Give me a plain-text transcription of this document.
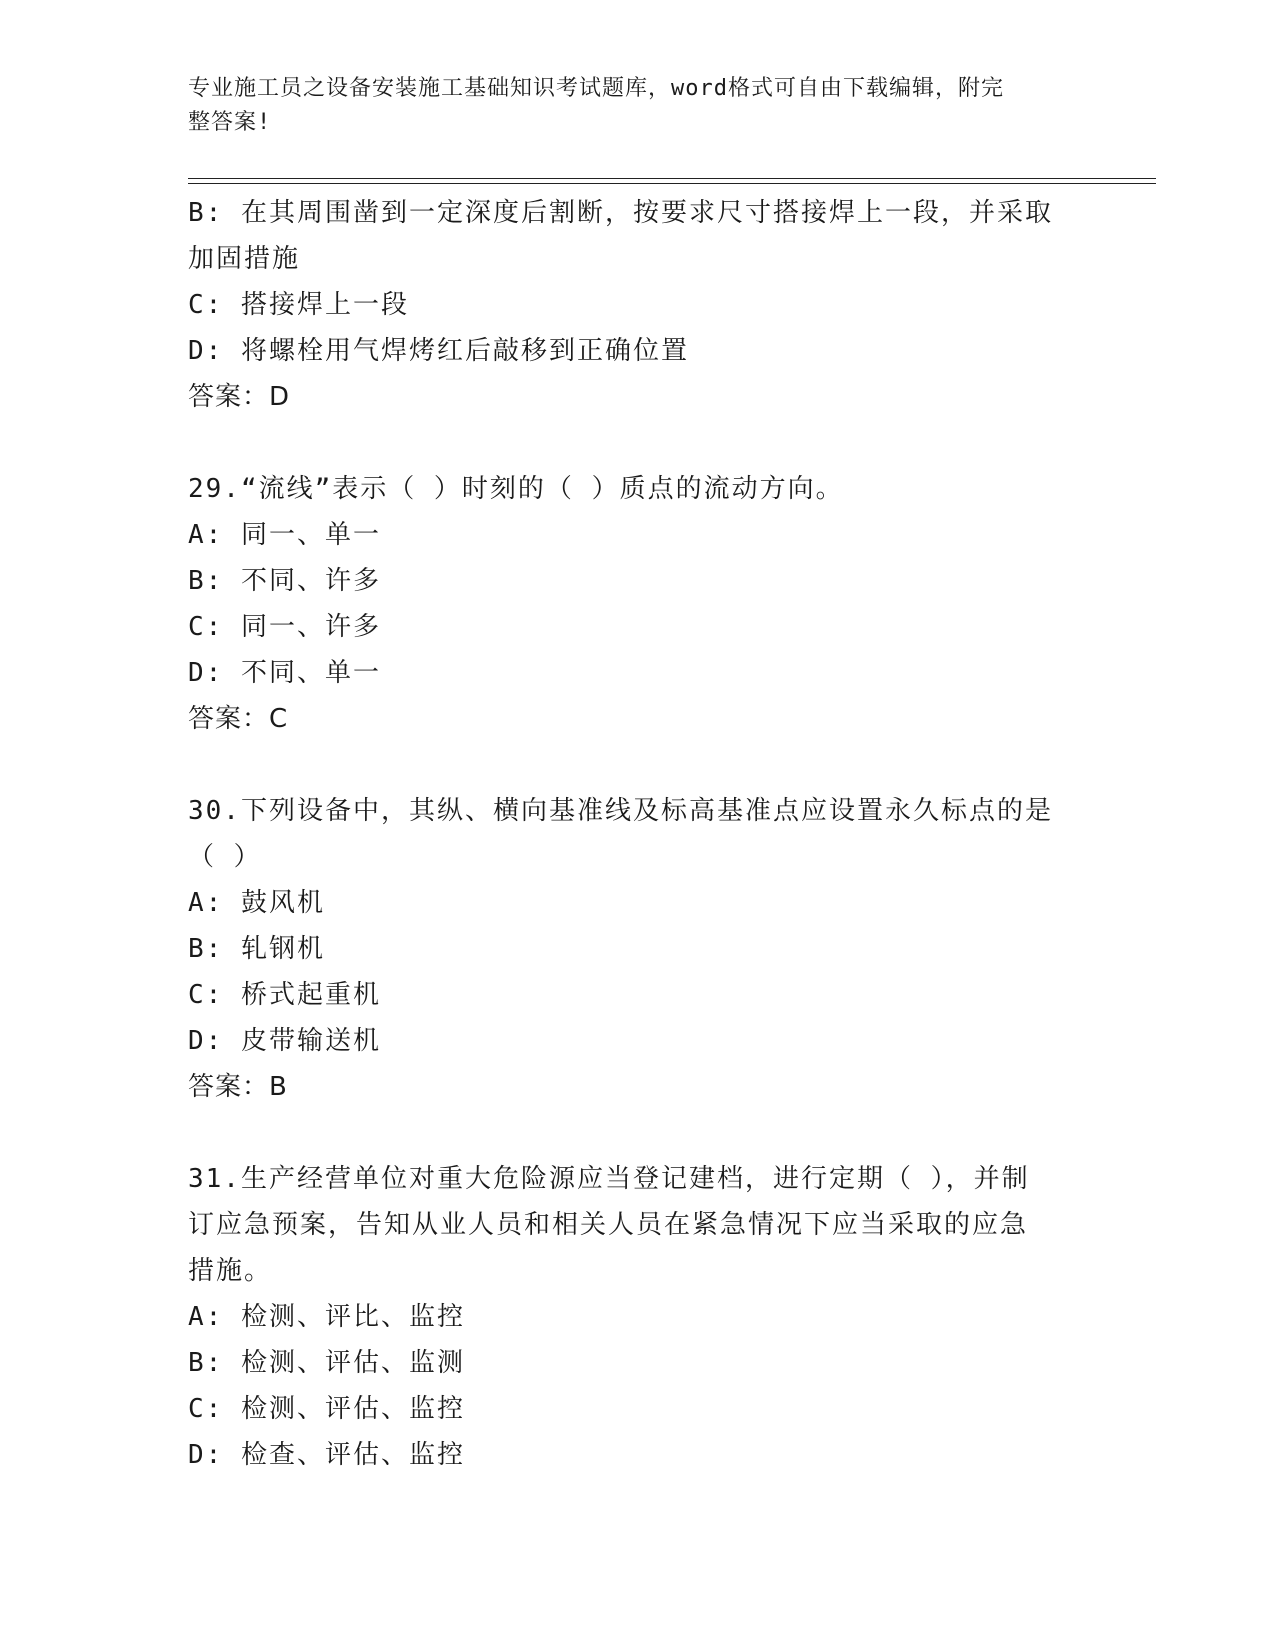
专业施工员之设备安装施工基础知识考试题库，word格式可自由下载编辑，附完
整答案!
B: 在其周围凿到一定深度后割断，按要求尺寸搭接焊上一段，并采取
加固措施
C: 搭接焊上一段
D: 将螺栓用气焊烤红后敲移到正确位置
答案：D
29.“流线”表示（ ）时刻的（ ）质点的流动方向。
A: 同一、单一
B: 不同、许多
C: 同一、许多
D: 不同、单一
答案：C
30.下列设备中，其纵、横向基准线及标高基准点应设置永久标点的是
（ ）
A: 鼓风机
B: 轧钢机
C: 桥式起重机
D: 皮带输送机
答案：B
31.生产经营单位对重大危险源应当登记建档，进行定期（ ），并制
订应急预案，告知从业人员和相关人员在紧急情况下应当采取的应急
措施。
A: 检测、评比、监控
B: 检测、评估、监测
C: 检测、评估、监控
D: 检查、评估、监控
